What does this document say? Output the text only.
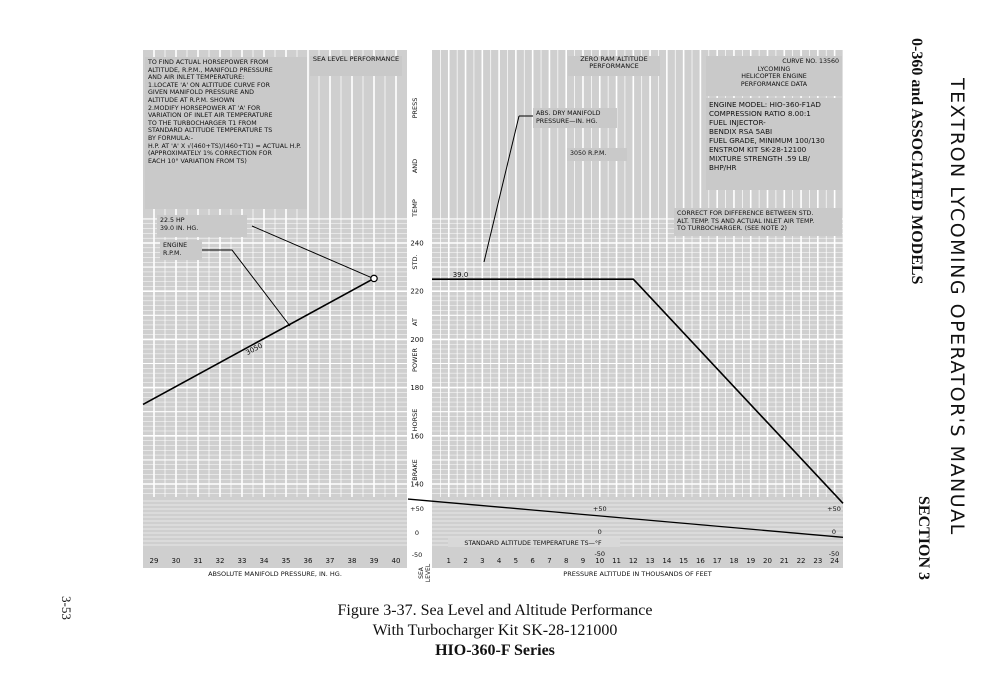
140
160
180
200
220
240
BRAKE
HORSE
POWER
AT
STD.
TEMP
AND
PRESS
+50
0
-50
29 30 31 32 33 34 35 36 37 38 39 40
ABSOLUTE MANIFOLD PRESSURE, IN. HG.
1 2 3 4 5 6 7 8 9 10 11 12 13 14 15 16 17 18 19 20 21 22 23 24
PRESSURE ALTITUDE IN THOUSANDS OF FEET
SEA LEVEL
3050
39.0
STANDARD ALTITUDE TEMPERATURE TS—°F
+50
0
-50
+50
0
-50
SEA LEVEL PERFORMANCE
TO FIND ACTUAL HORSEPOWER FROM
ALTITUDE, R.P.M., MANIFOLD PRESSURE
AND AIR INLET TEMPERATURE:
1.LOCATE 'A' ON ALTITUDE CURVE FOR
GIVEN MANIFOLD PRESSURE AND
ALTITUDE AT R.P.M. SHOWN
2.MODIFY HORSEPOWER AT 'A' FOR
VARIATION OF INLET AIR TEMPERATURE
TO THE TURBOCHARGER T1 FROM
STANDARD ALTITUDE TEMPERATURE TS
BY FORMULA:-
H.P. AT 'A' X √(460+TS)/(460+T1) = ACTUAL H.P.
(APPROXIMATELY 1% CORRECTION FOR
EACH 10° VARIATION FROM TS)
22.5 HP
39.0 IN. HG.
ENGINE
R.P.M.
ZERO RAM ALTITUDE PERFORMANCE
CURVE NO. 13560
LYCOMING
HELICOPTER ENGINE
PERFORMANCE DATA
ENGINE MODEL: HIO-360-F1AD
COMPRESSION RATIO 8.00:1
FUEL INJECTOR-
BENDIX RSA 5ABI
FUEL GRADE, MINIMUM 100/130
ENSTROM KIT SK-28-12100
MIXTURE STRENGTH .59 LB/
BHP/HR
CORRECT FOR DIFFERENCE BETWEEN STD.
ALT. TEMP. TS AND ACTUAL INLET AIR TEMP.
TO TURBOCHARGER. (SEE NOTE 2)
ABS. DRY MANIFOLD
PRESSURE—IN. HG.
3050 R.P.M.	TEXTRON LYCOMING OPERATOR'S MANUAL
0-360 and ASSOCIATED MODELS
SECTION 3
3-53	Figure 3-37. Sea Level and Altitude Performance
With Turbocharger Kit SK-28-121000
HIO-360-F Series
